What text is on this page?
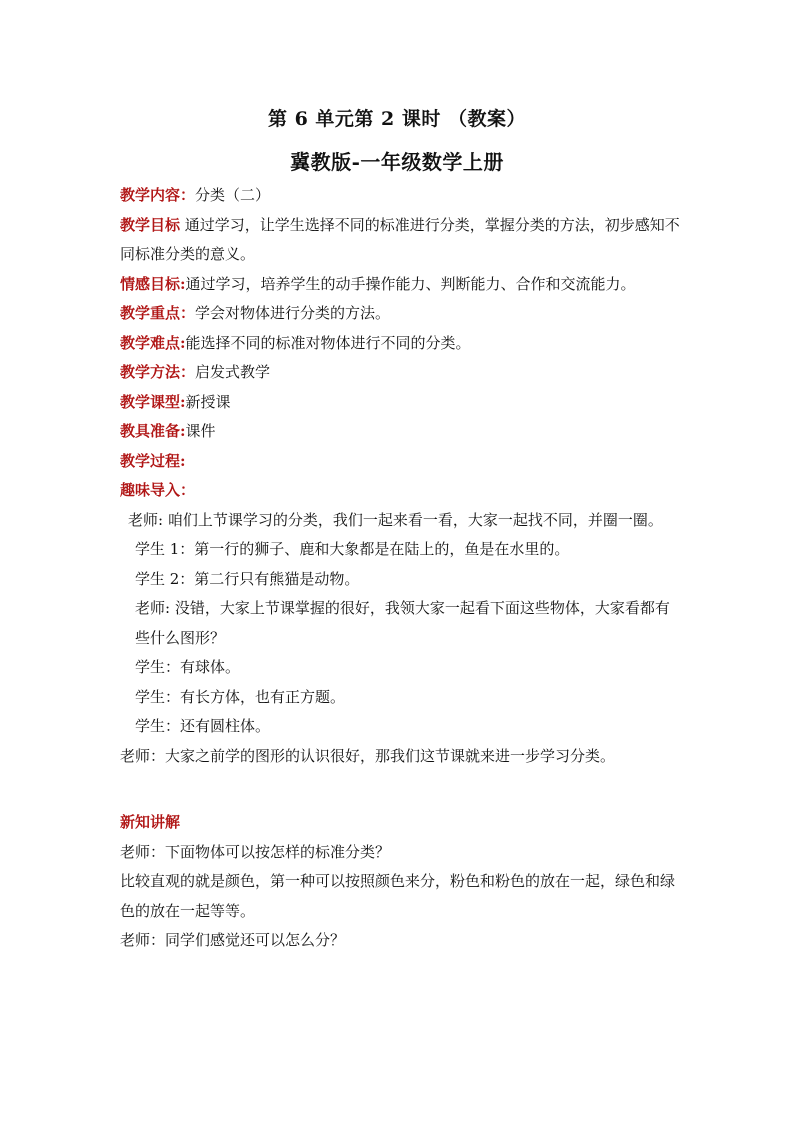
第 6 单元第 2 课时 （教案）
冀教版-一年级数学上册

教学内容：分类（二）

教学目标 通过学习，让学生选择不同的标准进行分类，掌握分类的方法，初步感知不同标准分类的意义。

情感目标:通过学习，培养学生的动手操作能力、判断能力、合作和交流能力。

教学重点：学会对物体进行分类的方法。

教学难点:能选择不同的标准对物体进行不同的分类。

教学方法：启发式教学

教学课型:新授课

教具准备:课件

教学过程:

趣味导入：

老师: 咱们上节课学习的分类，我们一起来看一看，大家一起找不同，并圈一圈。

学生 1：第一行的狮子、鹿和大象都是在陆上的，鱼是在水里的。

学生 2：第二行只有熊猫是动物。

老师: 没错，大家上节课掌握的很好，我领大家一起看下面这些物体，大家看都有些什么图形？

学生：有球体。

学生：有长方体，也有正方题。

学生：还有圆柱体。

老师：大家之前学的图形的认识很好，那我们这节课就来进一步学习分类。

新知讲解

老师：下面物体可以按怎样的标准分类？

比较直观的就是颜色，第一种可以按照颜色来分，粉色和粉色的放在一起，绿色和绿色的放在一起等等。

老师：同学们感觉还可以怎么分？
